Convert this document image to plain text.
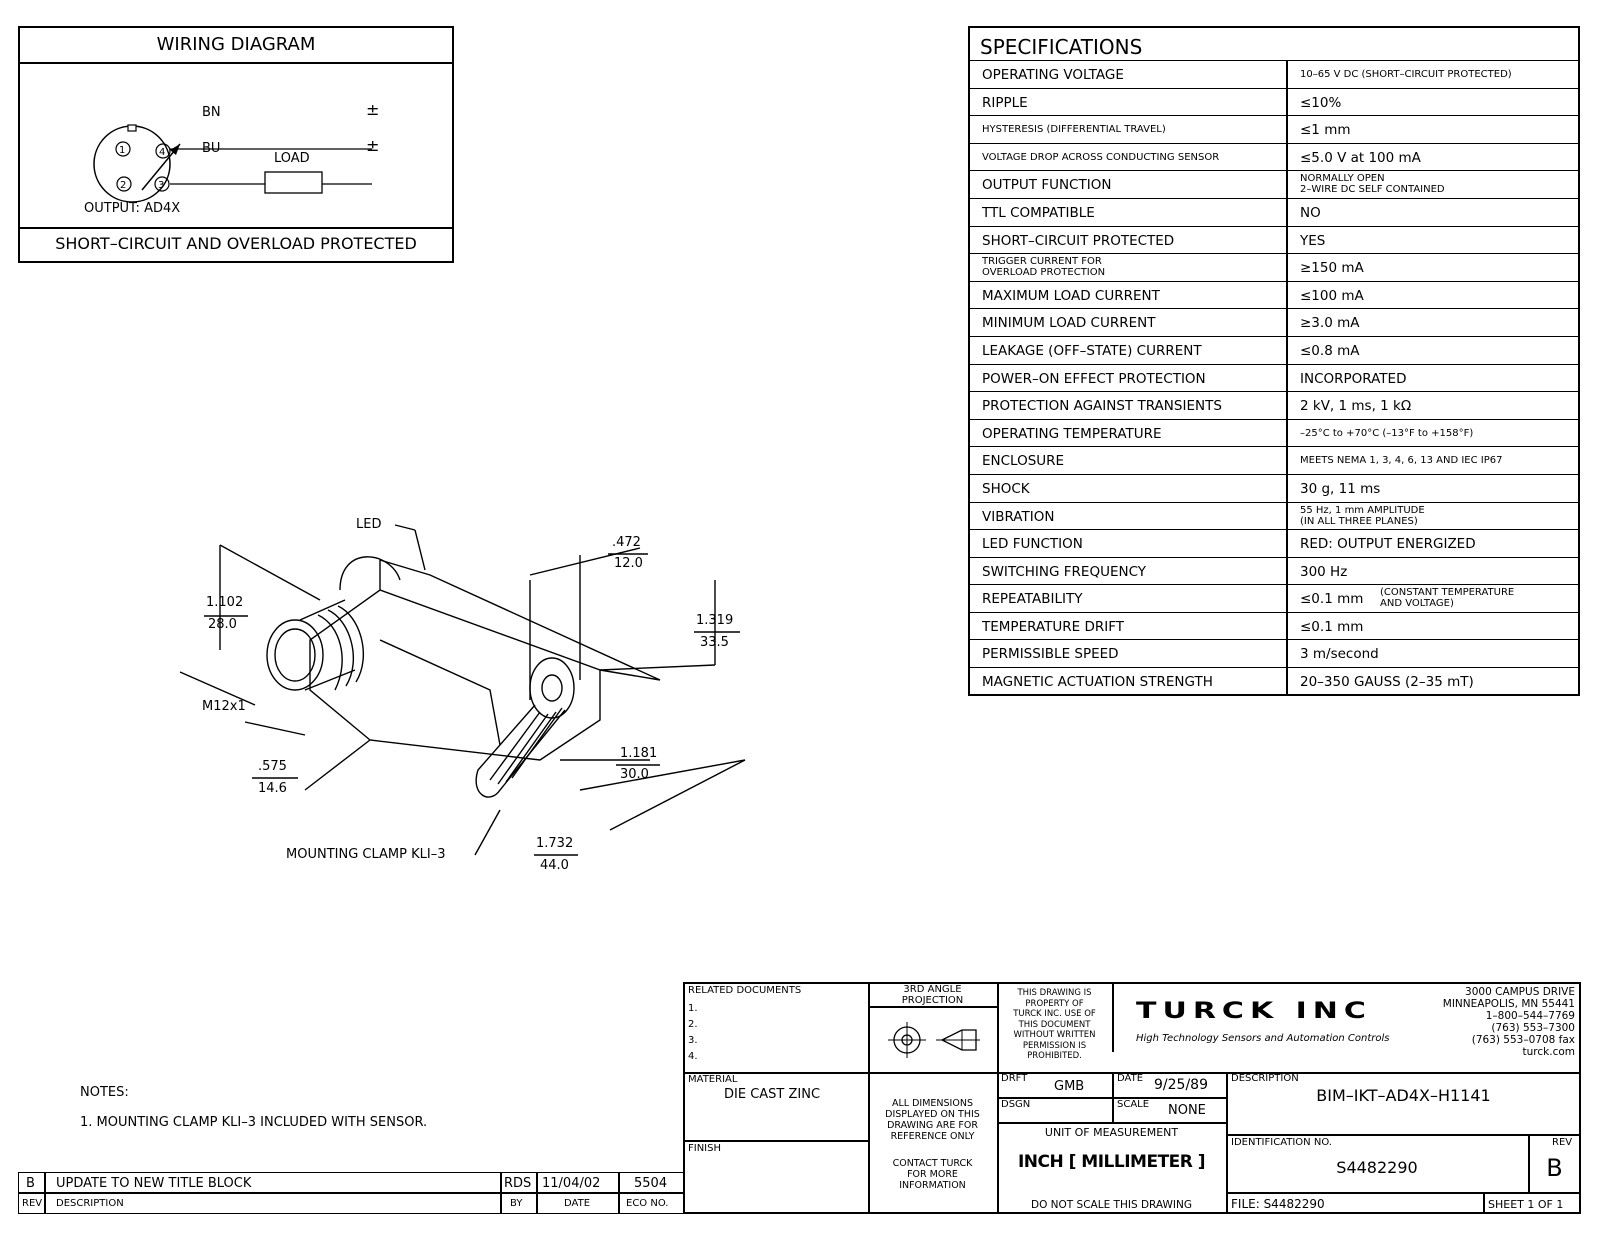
WIRING DIAGRAM
1	4
2	3
BN
BU
LOAD
±
±
OUTPUT: AD4X
SHORT–CIRCUIT AND OVERLOAD PROTECTED
SPECIFICATIONS
OPERATING VOLTAGE	10–65 V DC (SHORT–CIRCUIT PROTECTED)
RIPPLE	≤10%
HYSTERESIS (DIFFERENTIAL TRAVEL)	≤1 mm
VOLTAGE DROP ACROSS CONDUCTING SENSOR	≤5.0 V at 100 mA
OUTPUT FUNCTION	NORMALLY OPEN
2–WIRE DC SELF CONTAINED
TTL COMPATIBLE	NO
SHORT–CIRCUIT PROTECTED	YES
TRIGGER CURRENT FOR
OVERLOAD PROTECTION	≥150 mA
MAXIMUM LOAD CURRENT	≤100 mA
MINIMUM LOAD CURRENT	≥3.0 mA
LEAKAGE (OFF–STATE) CURRENT	≤0.8 mA
POWER–ON EFFECT PROTECTION	INCORPORATED
PROTECTION AGAINST TRANSIENTS	2 kV, 1 ms, 1 kΩ
OPERATING TEMPERATURE	–25°C to +70°C (–13°F to +158°F)
ENCLOSURE	MEETS NEMA 1, 3, 4, 6, 13 AND IEC IP67
SHOCK	30 g, 11 ms
VIBRATION	55 Hz, 1 mm AMPLITUDE
(IN ALL THREE PLANES)
LED FUNCTION	RED: OUTPUT ENERGIZED
SWITCHING FREQUENCY	300 Hz
REPEATABILITY	≤0.1 mm (CONSTANT TEMPERATURE
AND VOLTAGE)
TEMPERATURE DRIFT	≤0.1 mm
PERMISSIBLE SPEED	3 m/second
MAGNETIC ACTUATION STRENGTH	20–350 GAUSS (2–35 mT)
LED
.472
12.0
1.102
28.0	1.319
33.5
M12x1
.575
14.6
1.181
30.0
1.732
44.0
MOUNTING CLAMP KLI–3
NOTES:
1. MOUNTING CLAMP KLI–3 INCLUDED WITH SENSOR.
B UPDATE TO NEW TITLE BLOCK	RDS 11/04/02	5504
REV DESCRIPTION	BY	DATE	ECO NO.
RELATED DOCUMENTS
1.
2.
3.
4.
3RD ANGLE
PROJECTION
THIS DRAWING IS
PROPERTY OF
TURCK INC. USE OF
THIS DOCUMENT
WITHOUT WRITTEN
PERMISSION IS
PROHIBITED.
TURCK INC
High Technology Sensors and Automation Controls
3000 CAMPUS DRIVE
MINNEAPOLIS, MN 55441
1–800–544–7769
(763) 553–7300
(763) 553–0708 fax
turck.com
MATERIAL
DIE CAST ZINC
FINISH
ALL DIMENSIONS
DISPLAYED ON THIS
DRAWING ARE FOR
REFERENCE ONLY
CONTACT TURCK
FOR MORE
INFORMATION
DRFT
GMB
DATE 9/25/89
DSGN	SCALE NONE
UNIT OF MEASUREMENT
INCH [ MILLIMETER ]
DO NOT SCALE THIS DRAWING
DESCRIPTION
BIM–IKT–AD4X–H1141
IDENTIFICATION NO.
S4482290
REV
B
FILE: S4482290	SHEET 1 OF 1
